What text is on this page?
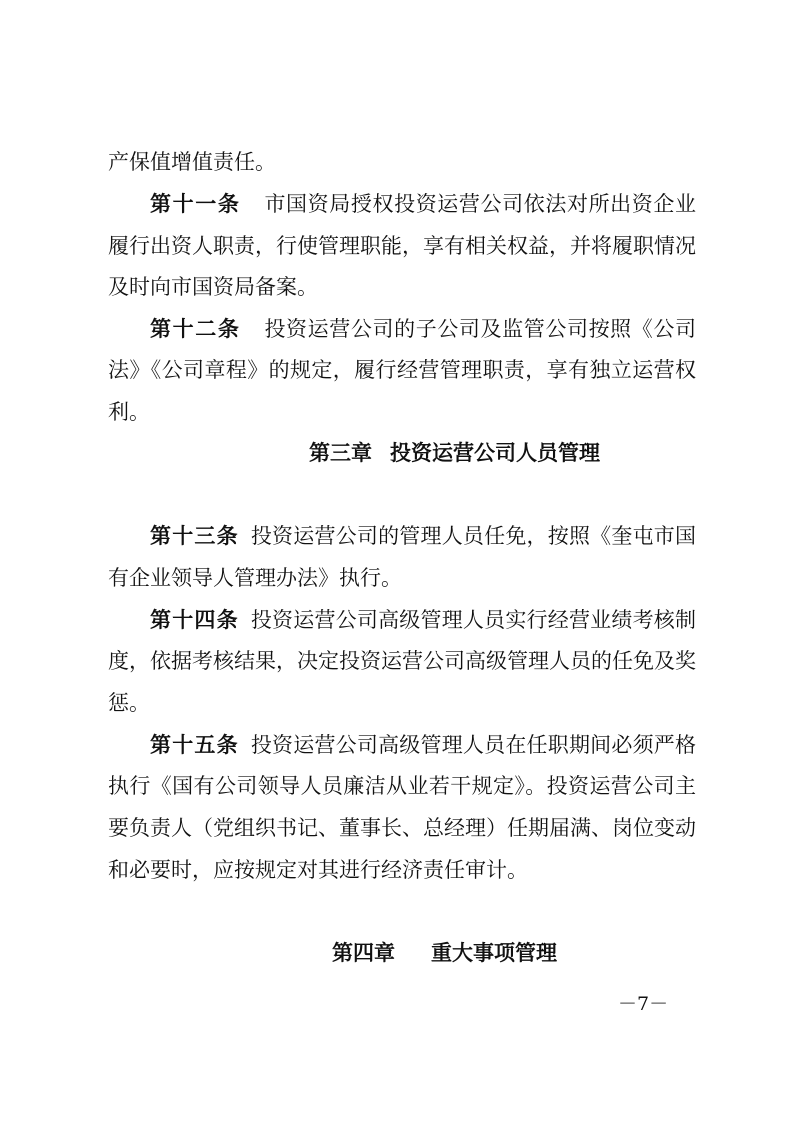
产保值增值责任。
第十一条 市国资局授权投资运营公司依法对所出资企业
履行出资人职责，行使管理职能，享有相关权益，并将履职情况
及时向市国资局备案。
第十二条 投资运营公司的子公司及监管公司按照《公司
法》《公司章程》的规定，履行经营管理职责，享有独立运营权
利。
第三章 投资运营公司人员管理
第十三条 投资运营公司的管理人员任免，按照《奎屯市国
有企业领导人管理办法》执行。
第十四条 投资运营公司高级管理人员实行经营业绩考核制
度，依据考核结果，决定投资运营公司高级管理人员的任免及奖
惩。
第十五条 投资运营公司高级管理人员在任职期间必须严格
执行《国有公司领导人员廉洁从业若干规定》。投资运营公司主
要负责人（党组织书记、董事长、总经理）任期届满、岗位变动
和必要时，应按规定对其进行经济责任审计。
第四章 重大事项管理
－7－
